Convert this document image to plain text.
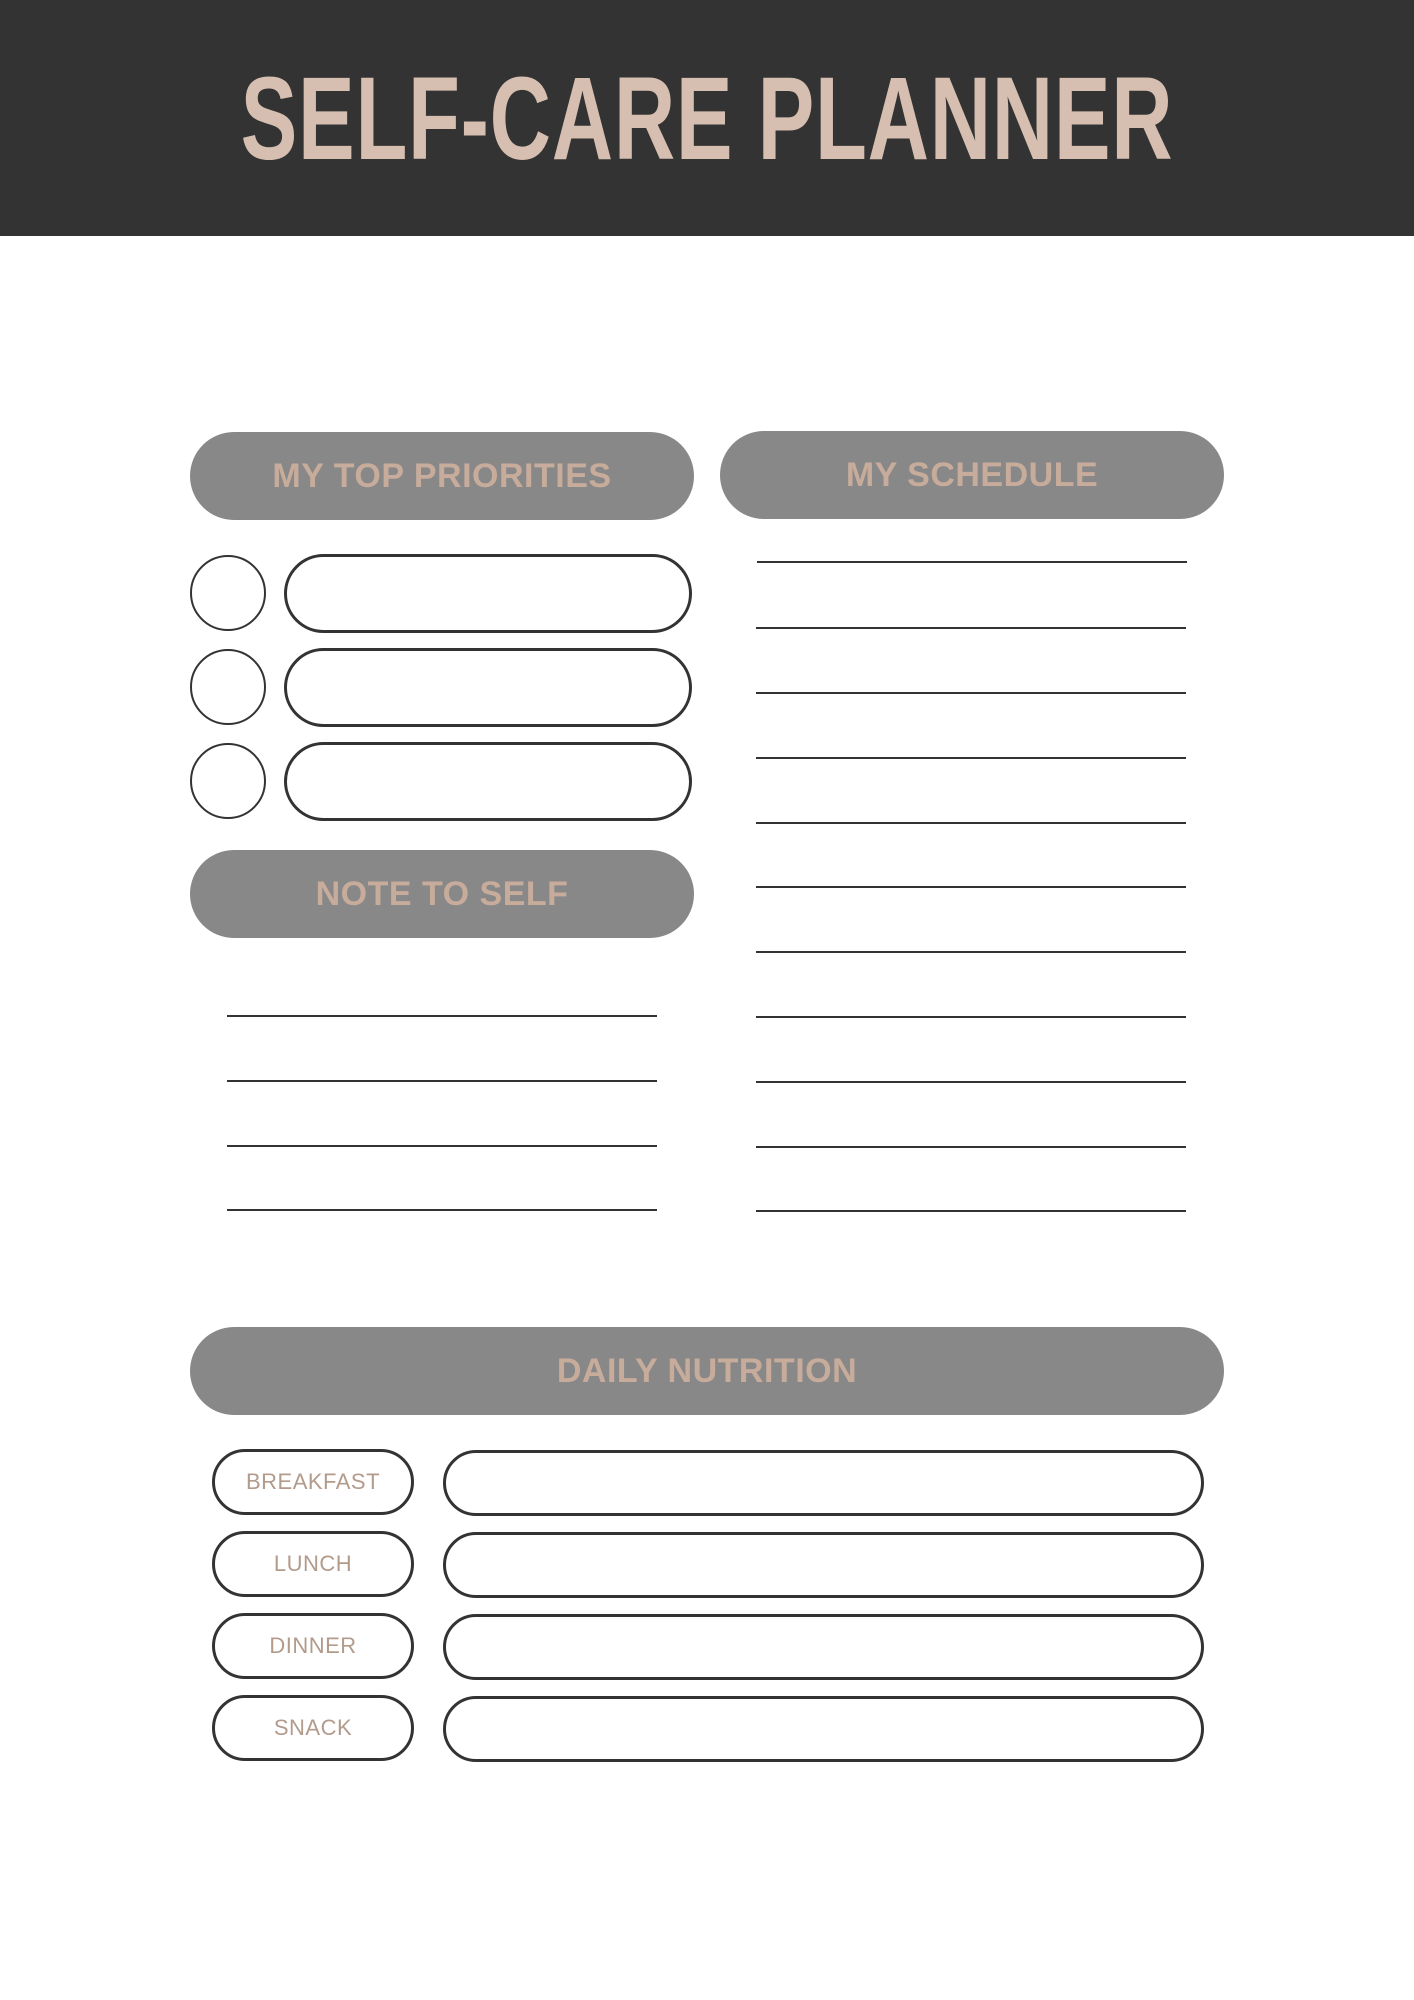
SELF-CARE PLANNER
MY TOP PRIORITIES
NOTE TO SELF
MY SCHEDULE
DAILY NUTRITION
BREAKFAST
LUNCH
DINNER
SNACK
